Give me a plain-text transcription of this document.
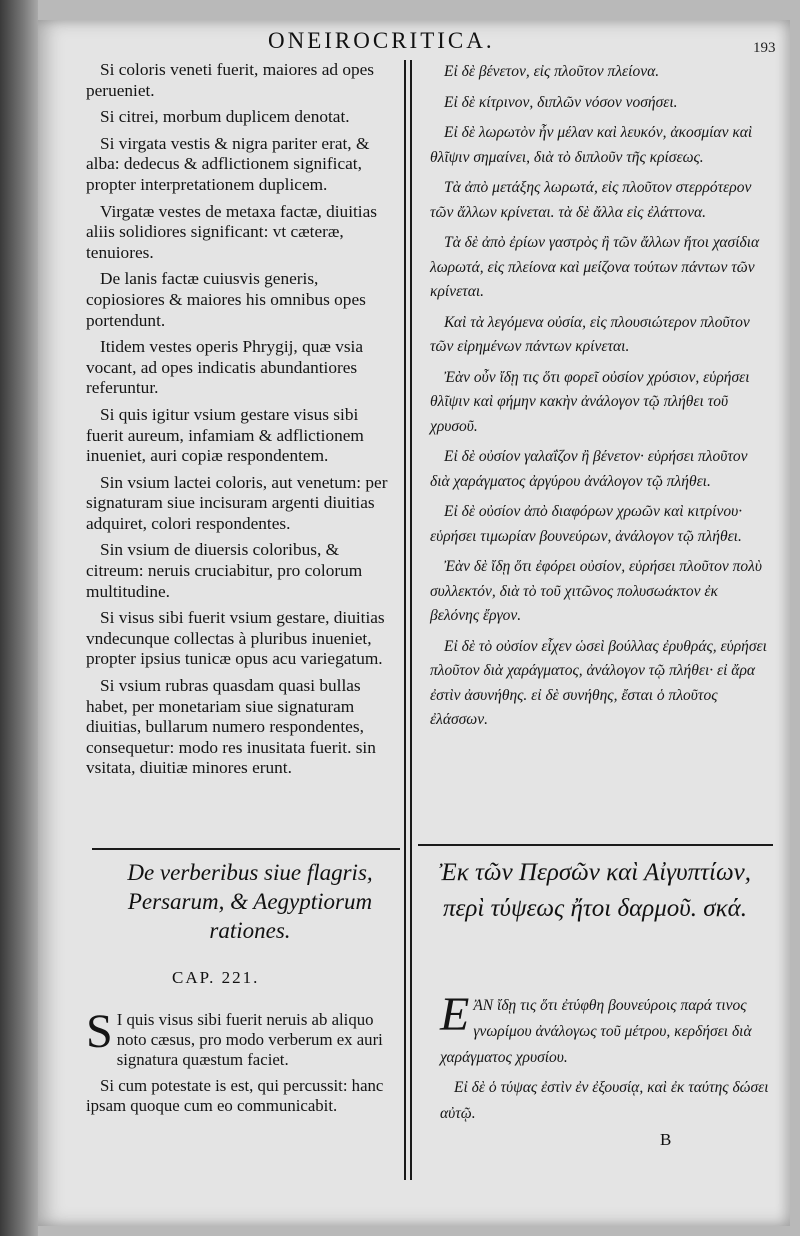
ONEIROCRITICA.	193

Si coloris veneti fuerit, maiores ad opes perueniet.

Si citrei, morbum duplicem denotat.

Si virgata vestis & nigra pariter erat, & alba: dedecus & adflictionem significat, propter interpretationem duplicem.

Virgatæ vestes de metaxa factæ, diuitias aliis solidiores significant: vt cæteræ, tenuiores.

De lanis factæ cuiusvis generis, copiosiores & maiores his omnibus opes portendunt.

Itidem vestes operis Phrygij, quæ vsia vocant, ad opes indicatis abundantiores referuntur.

Si quis igitur vsium gestare visus sibi fuerit aureum, infamiam & adflictionem inueniet, auri copiæ respondentem.

Sin vsium lactei coloris, aut venetum: per signaturam siue incisuram argenti diuitias adquiret, colori respondentes.

Sin vsium de diuersis coloribus, & citreum: neruis cruciabitur, pro colorum multitudine.

Si visus sibi fuerit vsium gestare, diuitias vndecunque collectas à pluribus inueniet, propter ipsius tunicæ opus acu variegatum.

Si vsium rubras quasdam quasi bullas habet, per monetariam siue signaturam diuitias, bullarum numero respondentes, consequetur: modo res inusitata fuerit. sin vsitata, diuitiæ minores erunt.

Εἰ δὲ βένετον, εἰς πλοῦτον πλείονα.

Εἰ δὲ κίτρινον, διπλῶν νόσον νοσήσει.

Εἰ δὲ λωρωτὸν ἦν μέλαν καὶ λευκόν, ἀκοσμίαν καὶ θλῖψιν σημαίνει, διὰ τὸ διπλοῦν τῆς κρίσεως.

Τὰ ἀπὸ μετάξης λωρωτά, εἰς πλοῦτον στερρότερον τῶν ἄλλων κρίνεται. τὰ δὲ ἄλλα εἰς ἐλάττονα.

Τὰ δὲ ἀπὸ ἐρίων γαστρὸς ἢ τῶν ἄλλων ἤτοι χασίδια λωρωτά, εἰς πλείονα καὶ μείζονα τούτων πάντων τῶν κρίνεται.

Καὶ τὰ λεγόμενα οὐσία, εἰς πλουσιώτερον πλοῦτον τῶν εἰρημένων πάντων κρίνεται.

Ἐὰν οὖν ἴδῃ τις ὅτι φορεῖ οὐσίον χρύσιον, εὑρήσει θλῖψιν καὶ φήμην κακὴν ἀνάλογον τῷ πλήθει τοῦ χρυσοῦ.

Εἰ δὲ οὐσίον γαλαΐζον ἢ βένετον· εὑρήσει πλοῦτον διὰ χαράγματος ἀργύρου ἀνάλογον τῷ πλήθει.

Εἰ δὲ οὐσίον ἀπὸ διαφόρων χρωῶν καὶ κιτρίνου· εὑρήσει τιμωρίαν βουνεύρων, ἀνάλογον τῷ πλήθει.

Ἐὰν δὲ ἴδῃ ὅτι ἐφόρει οὐσίον, εὑρήσει πλοῦτον πολὺ συλλεκτόν, διὰ τὸ τοῦ χιτῶνος πολυσωάκτον ἐκ βελόνης ἔργον.

Εἰ δὲ τὸ οὐσίον εἶχεν ὡσεὶ βούλλας ἐρυθράς, εὑρήσει πλοῦτον διὰ χαράγματος, ἀνάλογον τῷ πλήθει· εἰ ἄρα ἐστὶν ἀσυνήθης. εἰ δὲ συνήθης, ἔσται ὁ πλοῦτος ἐλάσσων.

De verberibus siue flagris, Persarum, & Aegyptiorum rationes.
CAP. 221.

S I quis visus sibi fuerit neruis ab aliquo noto cæsus, pro modo verberum ex auri signatura quæstum faciet.

Si cum potestate is est, qui percussit: hanc ipsam quoque cum eo communicabit.

Ἐκ τῶν Περσῶν καὶ Αἰγυπτίων, περὶ τύψεως ἤτοι δαρμοῦ. σκά.

ΕἈΝ ἴδῃ τις ὅτι ἐτύφθη βουνεύροις παρά τινος γνωρίμου ἀνάλογως τοῦ μέτρου, κερδήσει διὰ χαράγματος χρυσίου.

Εἰ δὲ ὁ τύψας ἐστὶν ἐν ἐξουσίᾳ, καὶ ἐκ ταύτης δώσει αὐτῷ.

B
